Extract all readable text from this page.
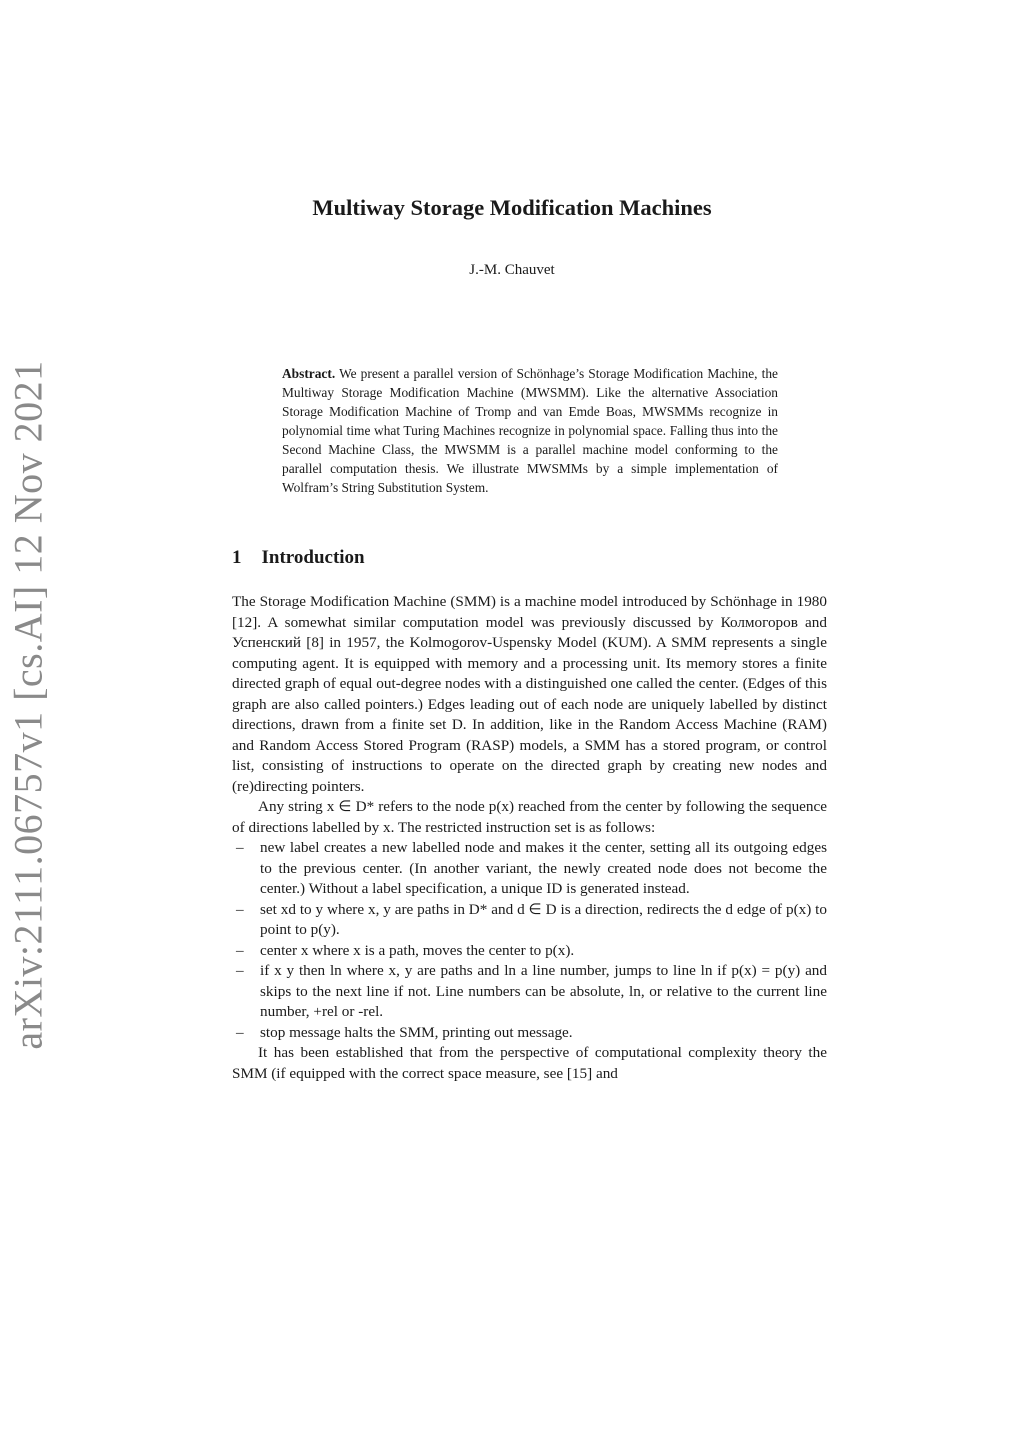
arXiv:2111.06757v1 [cs.AI] 12 Nov 2021
Multiway Storage Modification Machines
J.-M. Chauvet
Abstract. We present a parallel version of Schönhage’s Storage Modification Machine, the Multiway Storage Modification Machine (MWSMM). Like the alternative Association Storage Modification Machine of Tromp and van Emde Boas, MWSMMs recognize in polynomial time what Turing Machines recognize in polynomial space. Falling thus into the Second Machine Class, the MWSMM is a parallel machine model conforming to the parallel computation thesis. We illustrate MWSMMs by a simple implementation of Wolfram’s String Substitution System.
1 Introduction

The Storage Modification Machine (SMM) is a machine model introduced by Schönhage in 1980 [12]. A somewhat similar computation model was previously discussed by Колмогоров and Успенский [8] in 1957, the Kolmogorov-Uspensky Model (KUM). A SMM represents a single computing agent. It is equipped with memory and a processing unit. Its memory stores a finite directed graph of equal out-degree nodes with a distinguished one called the center. (Edges of this graph are also called pointers.) Edges leading out of each node are uniquely labelled by distinct directions, drawn from a finite set D. In addition, like in the Random Access Machine (RAM) and Random Access Stored Program (RASP) models, a SMM has a stored program, or control list, consisting of instructions to operate on the directed graph by creating new nodes and (re)directing pointers.

Any string x ∈ D* refers to the node p(x) reached from the center by following the sequence of directions labelled by x. The restricted instruction set is as follows:

– new label creates a new labelled node and makes it the center, setting all its outgoing edges to the previous center. (In another variant, the newly created node does not become the center.) Without a label specification, a unique ID is generated instead.
– set xd to y where x, y are paths in D* and d ∈ D is a direction, redirects the d edge of p(x) to point to p(y).
– center x where x is a path, moves the center to p(x).
– if x y then ln where x, y are paths and ln a line number, jumps to line ln if p(x) = p(y) and skips to the next line if not. Line numbers can be absolute, ln, or relative to the current line number, +rel or -rel.
– stop message halts the SMM, printing out message.

It has been established that from the perspective of computational complexity theory the SMM (if equipped with the correct space measure, see [15] and
